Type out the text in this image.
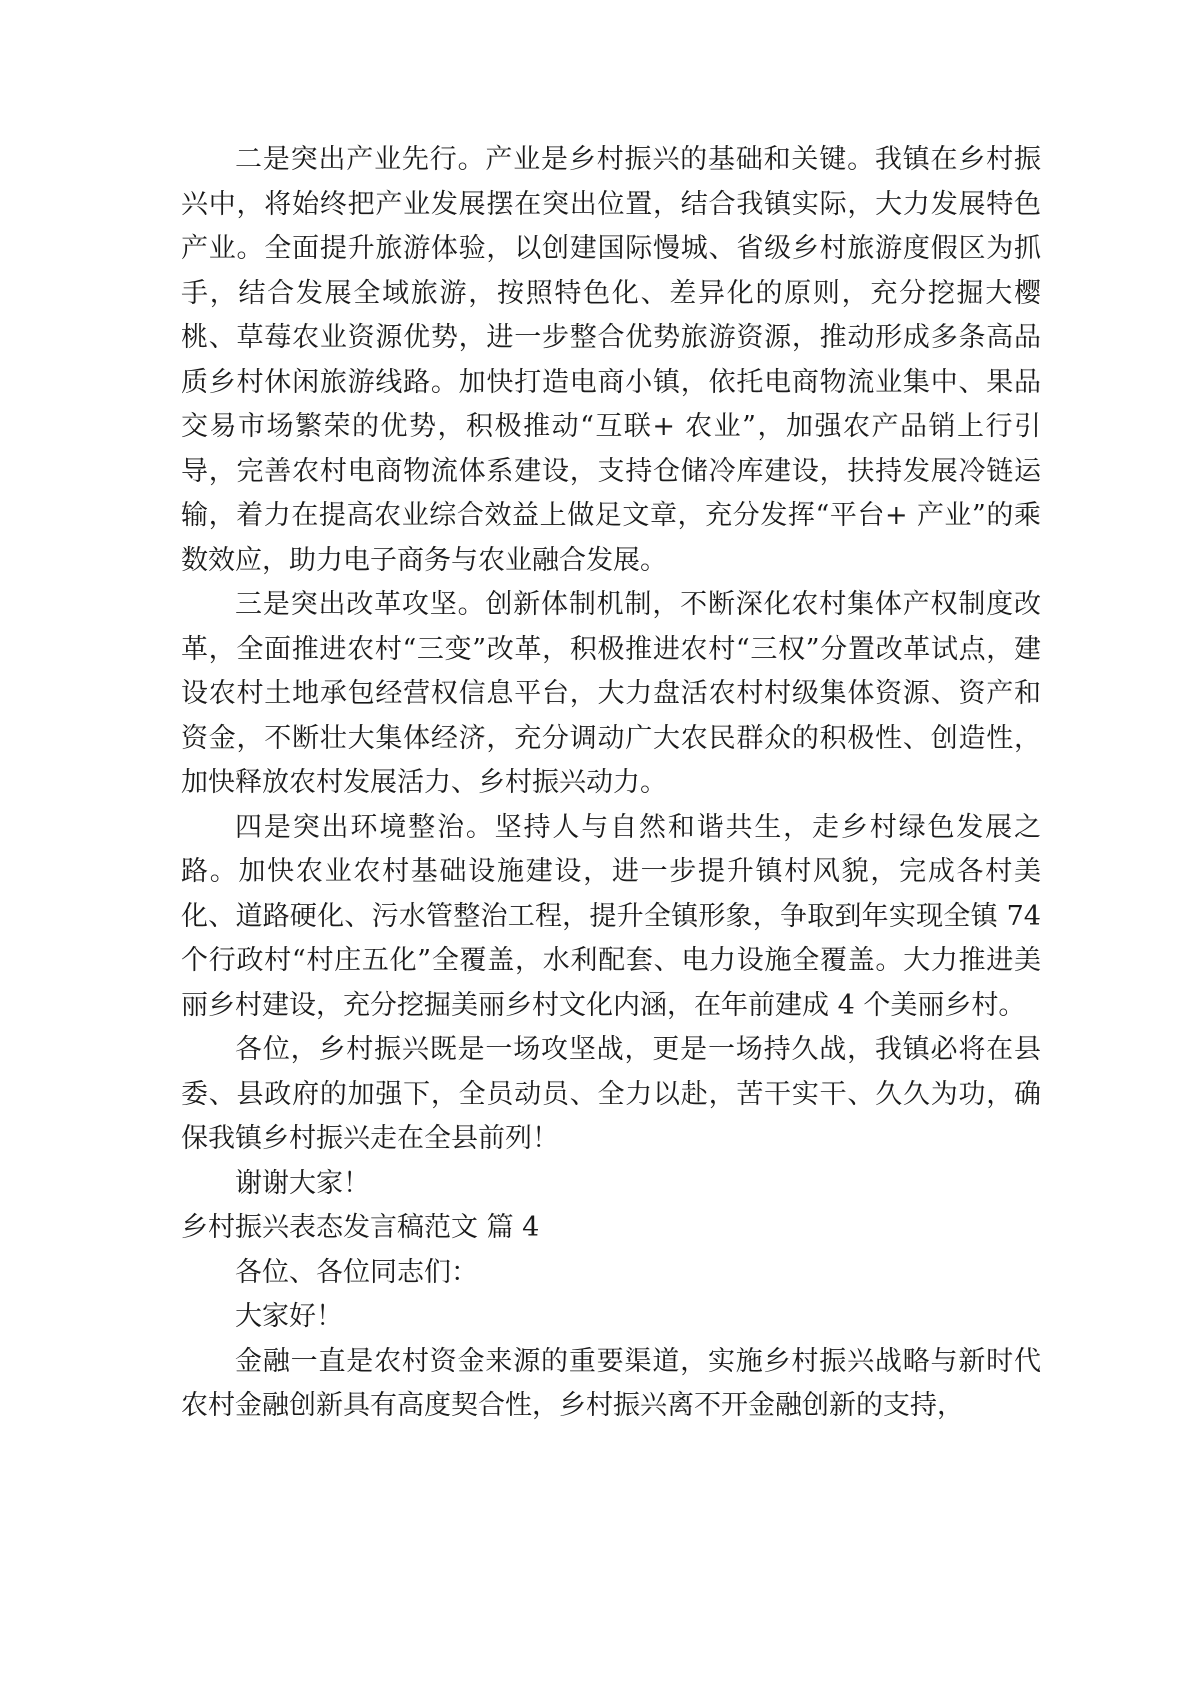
二是突出产业先行。产业是乡村振兴的基础和关键。我镇在乡村振兴中，将始终把产业发展摆在突出位置，结合我镇实际，大力发展特色产业。全面提升旅游体验，以创建国际慢城、省级乡村旅游度假区为抓手，结合发展全域旅游，按照特色化、差异化的原则，充分挖掘大樱桃、草莓农业资源优势，进一步整合优势旅游资源，推动形成多条高品质乡村休闲旅游线路。加快打造电商小镇，依托电商物流业集中、果品交易市场繁荣的优势，积极推动“互联+ 农业”，加强农产品销上行引导，完善农村电商物流体系建设，支持仓储冷库建设，扶持发展冷链运输，着力在提高农业综合效益上做足文章，充分发挥“平台+ 产业”的乘数效应，助力电子商务与农业融合发展。

三是突出改革攻坚。创新体制机制，不断深化农村集体产权制度改革，全面推进农村“三变”改革，积极推进农村“三权”分置改革试点，建设农村土地承包经营权信息平台，大力盘活农村村级集体资源、资产和资金，不断壮大集体经济，充分调动广大农民群众的积极性、创造性，加快释放农村发展活力、乡村振兴动力。

四是突出环境整治。坚持人与自然和谐共生，走乡村绿色发展之路。加快农业农村基础设施建设，进一步提升镇村风貌，完成各村美化、道路硬化、污水管整治工程，提升全镇形象，争取到年实现全镇 74 个行政村“村庄五化”全覆盖，水利配套、电力设施全覆盖。大力推进美丽乡村建设，充分挖掘美丽乡村文化内涵，在年前建成 4 个美丽乡村。

各位，乡村振兴既是一场攻坚战，更是一场持久战，我镇必将在县委、县政府的加强下，全员动员、全力以赴，苦干实干、久久为功，确保我镇乡村振兴走在全县前列！

谢谢大家！

乡村振兴表态发言稿范文 篇 4

各位、各位同志们：

大家好！

金融一直是农村资金来源的重要渠道，实施乡村振兴战略与新时代农村金融创新具有高度契合性，乡村振兴离不开金融创新的支持，
